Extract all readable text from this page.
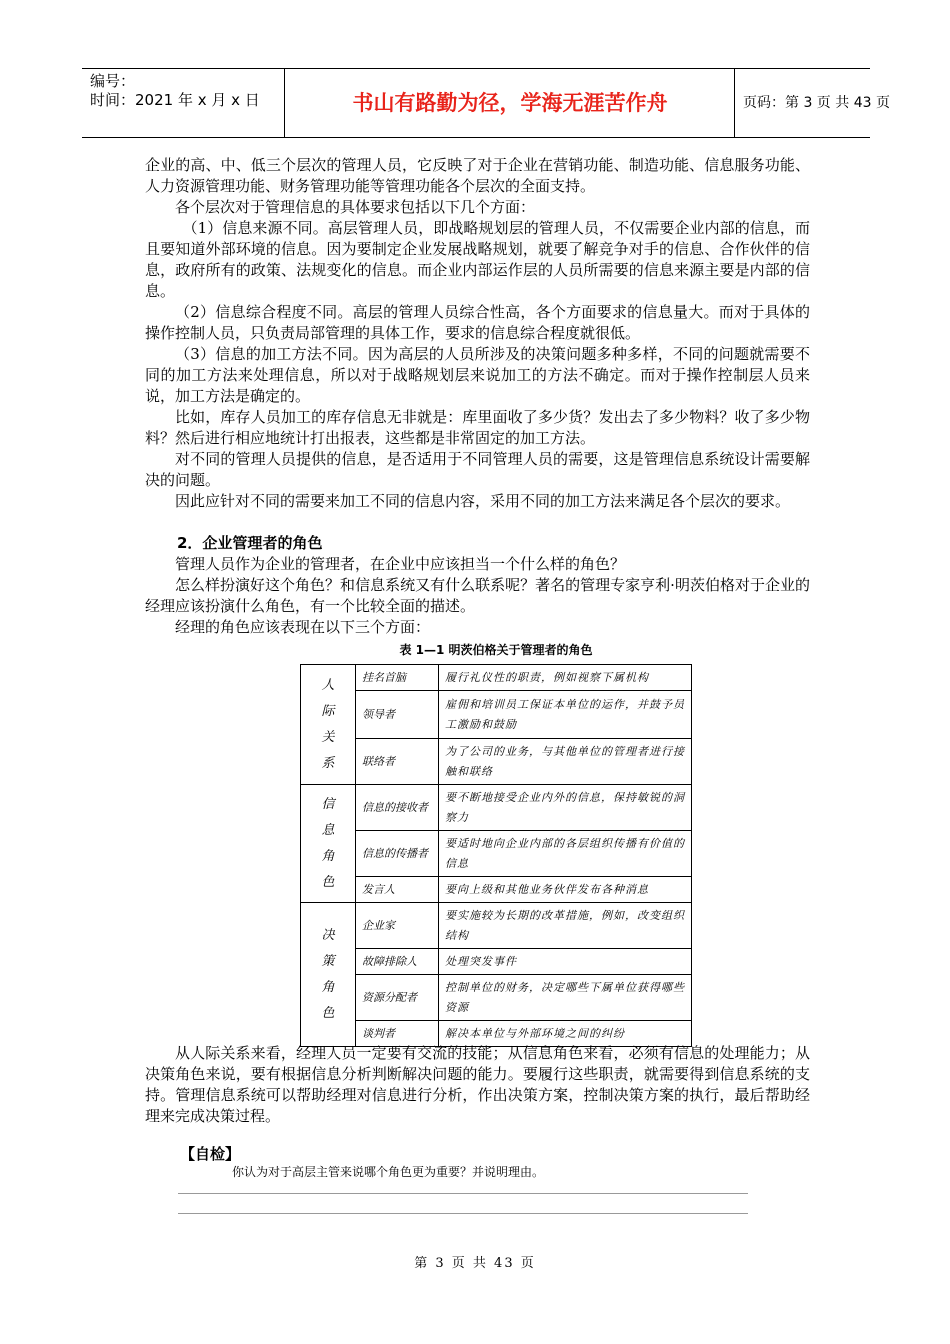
编号：
时间：2021 年 x 月 x 日	书山有路勤为径，学海无涯苦作舟	页码：第 3 页 共 43 页

企业的高、中、低三个层次的管理人员，它反映了对于企业在营销功能、制造功能、信息服务功能、人力资源管理功能、财务管理功能等管理功能各个层次的全面支持。

各个层次对于管理信息的具体要求包括以下几个方面：

（1）信息来源不同。高层管理人员，即战略规划层的管理人员，不仅需要企业内部的信息，而且要知道外部环境的信息。因为要制定企业发展战略规划，就要了解竞争对手的信息、合作伙伴的信息，政府所有的政策、法规变化的信息。而企业内部运作层的人员所需要的信息来源主要是内部的信息。

（2）信息综合程度不同。高层的管理人员综合性高，各个方面要求的信息量大。而对于具体的操作控制人员，只负责局部管理的具体工作，要求的信息综合程度就很低。

（3）信息的加工方法不同。因为高层的人员所涉及的决策问题多种多样，不同的问题就需要不同的加工方法来处理信息，所以对于战略规划层来说加工的方法不确定。而对于操作控制层人员来说，加工方法是确定的。

比如，库存人员加工的库存信息无非就是：库里面收了多少货？发出去了多少物料？收了多少物料？然后进行相应地统计打出报表，这些都是非常固定的加工方法。

对不同的管理人员提供的信息，是否适用于不同管理人员的需要，这是管理信息系统设计需要解决的问题。

因此应针对不同的需要来加工不同的信息内容，采用不同的加工方法来满足各个层次的要求。

2．企业管理者的角色

管理人员作为企业的管理者，在企业中应该担当一个什么样的角色？

怎么样扮演好这个角色？和信息系统又有什么联系呢？著名的管理专家亨利·明茨伯格对于企业的经理应该扮演什么角色，有一个比较全面的描述。

经理的角色应该表现在以下三个方面：

表 1—1 明茨伯格关于管理者的角色
人际关系	挂名首脑	履行礼仪性的职责，例如视察下属机构
	领导者	雇佣和培训员工保证本单位的运作，并鼓予员工激励和鼓励
	联络者	为了公司的业务，与其他单位的管理者进行接触和联络
信息角色	信息的接收者	要不断地接受企业内外的信息，保持敏锐的洞察力
	信息的传播者	要适时地向企业内部的各层组织传播有价值的信息
	发言人	要向上级和其他业务伙伴发布各种消息
决策角色	企业家	要实施较为长期的改革措施，例如，改变组织结构
	故障排除人	处理突发事件
	资源分配者	控制单位的财务，决定哪些下属单位获得哪些资源
	谈判者	解决本单位与外部环境之间的纠纷

从人际关系来看，经理人员一定要有交流的技能；从信息角色来看，必须有信息的处理能力；从决策角色来说，要有根据信息分析判断解决问题的能力。要履行这些职责，就需要得到信息系统的支持。管理信息系统可以帮助经理对信息进行分析，作出决策方案，控制决策方案的执行，最后帮助经理来完成决策过程。

【自检】
你认为对于高层主管来说哪个角色更为重要？并说明理由。
第 3 页 共 43 页
